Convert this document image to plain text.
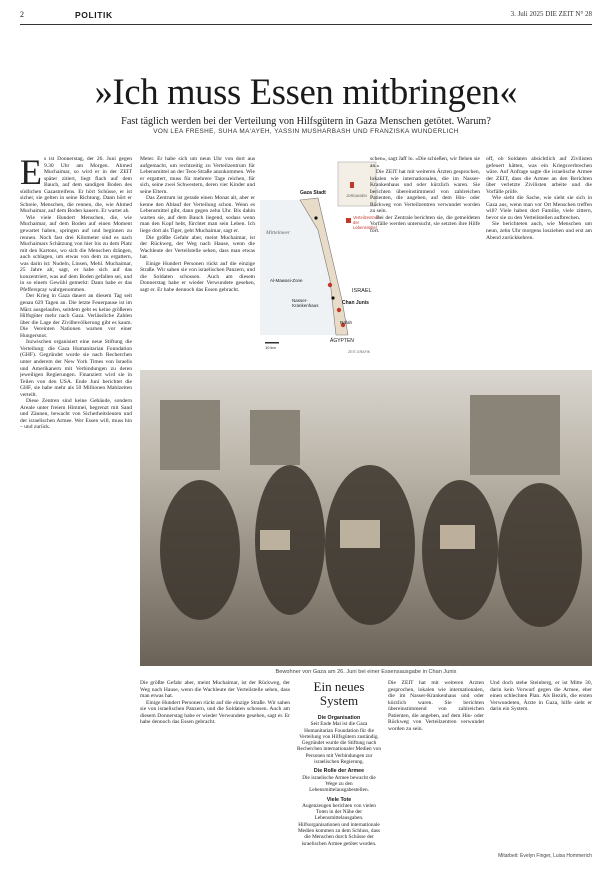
2	POLITIK	3. Juli 2025 DIE ZEIT N° 28
»Ich muss Essen mitbringen«
Fast täglich werden bei der Verteilung von Hilfsgütern in Gaza Menschen getötet. Warum?
VON LEA FRESHE, SUHA MA'AYEH, YASSIN MUSHARBASH UND FRANZISKA WUNDERLICH
E s ist Donnerstag, der 26. Juni gegen 9.30 Uhr am Morgen. Ahmed Muchaimar, so wird er in der ZEIT später zitiert, liegt flach auf dem Bauch, auf dem sandigen Boden des südlichen Gazastreifens. Er hört Schüsse, er ist sicher, sie gelten in seine Richtung. Dann hört er Schreie, Menschen, die rennen, die, wie Ahmed Muchaimar, auf dem Boden kauern. Er wartet ab.

Wie viele Hundert Menschen, die, wie Muchaimar, auf dem Boden auf einen Moment gewartet haben, springen auf und beginnen zu rennen. Noch fast drei Kilometer sind es nach Muchaimars Schätzung von hier bis zu dem Platz mit den Kartons, wo sich die Menschen drängen, auch schlagen, um etwas von dem zu ergattern, was darin ist: Nudeln, Linsen, Mehl. Muchaimar, 25 Jahre alt, sagt, er habe sich auf das konzentriert, was auf dem Boden gefallen sei, und in so einem Gewühl gemerkt: Dann habe er das Pfefferspray wahrgenommen.

Der Krieg in Gaza dauert an diesem Tag seit genau 629 Tagen an. Die letzte Feuerpause ist im März ausgelaufen, seitdem geht es keine größeren Hilfsgüter mehr nach Gaza. Verlässliche Zahlen über die Lage der Zivilbevölkerung gibt es kaum. Die Vereinten Nationen warnen vor einer Hungersnot.

Inzwischen organisiert eine neue Stiftung die Verteilung: die Gaza Humanitarian Foundation (GHF). Gegründet wurde sie nach Recherchen unter anderem der New York Times von Israelis und Amerikanern mit Verbindungen zu deren jeweiligen Regierungen. Finanziert wird sie in Teilen von den USA. Ende Juni berichtet die GHF, sie habe mehr als 50 Millionen Mahlzeiten verteilt.

Diese Zentren sind keine Gebäude, sondern Areale unter freiem Himmel, begrenzt mit Sand und Zäunen, bewacht von Sicherheitsleuten und der israelischen Armee. Wer Essen will, muss hin – und zurück.

Meter. Er habe sich um neun Uhr von dort aus aufgemacht, um rechtzeitig zu Verteilzentrum für Lebensmittel an der Teos-Straße anzukommen. Wie er ergattert, muss für mehrere Tage reichen, für sich, seine zwei Schwestern, deren vier Kinder und seine Eltern.

Das Zentrum ist gerade einen Monat alt, aber er kenne den Ablauf der Verteilung schon. Wenn es Lebensmittel gibt, dann gegen zehn Uhr. Bis dahin warten sie, auf dem Bauch liegend, sodass wenn man den Kopf hebt, fürchtet man sein Leben. Ich liege dort als Tiger, geht Muchaimar, sagt er.

Die größte Gefahr aber, meint Muchaimar, ist der Rückweg, der Weg nach Hause, wenn die Wachleute der Verteilstelle sehen, dass man etwas hat.

Einige Hundert Personen rückt auf die einzige Straße. Wir sahen sie von israelischen Panzern, und die Soldaten schossen. Auch am diesem Donnerstag habe er wieder Verwundete gesehen, sagt er. Er habe dennoch das Essen gebracht.

Gaza Stadt
Mittelmeer
JORDANIEN
Verteilzentrum der Lebensmittel
Al-Mawasi-Zone
Nasser-Krankenhaus	Chan Junis
ISRAEL
Rafah
ÄGYPTEN
10 km
ZEIT-GRAFIK

schen«, sagt Jaff lo. »Die schießen, wir flehen sie an.«

Die ZEIT hat mit weiteren Ärzten gesprochen, lokalen wie internationalen, die im Nasser-Krankenhaus und oder kürzlich waren. Sie berichten übereinstimmend von zahlreichen Patienten, die angeben, auf dem Hin- oder Rückweg von Verteilzentren verwundet worden zu sein.

Bei der Zentrale berichten sie, die gemeldeten Vorfälle werden untersucht, sie setzten ihre Hilfe fort.

off, ob Soldaten absichtlich auf Zivilisten gefeuert hätten, was ein Kriegsverbrechen wäre. Auf Anfrage sagte die israelische Armee der ZEIT, dass die Armee an den Berichten über verletzte Zivilisten arbeite und die Vorfälle prüfe.

Wie sieht die Sache, wie sieht sie sich in Gaza aus, wenn man vor Ort Menschen treffen will? Viele haben dort Familie, viele zittern, bevor sie zu den Verteilstellen aufbrechen.

Sie berichteten auch, wie Menschen um neun, zehn Uhr morgens losziehen und erst am Abend zurückkehren.

Bewohner von Gaza am 26. Juni bei einer Essensausgabe in Chan Junis
Ein neues System
Die Organisation
Seit Ende Mai ist die Gaza Humanitarian Foundation für die Verteilung von Hilfsgütern zuständig. Gegründet wurde die Stiftung nach Recherchen internationaler Medien von Personen mit Verbindungen zur israelischen Regierung.
Die Rolle der Armee
Die israelische Armee bewacht die Wege zu den Lebensmittelausgabestellen.
Viele Tote
Augenzeugen berichten von vielen Toten in der Nähe der Lebensmittelausgaben. Hilfsorganisationen und internationale Medien kommen zu dem Schluss, dass die Menschen durch Schüsse der israelischen Armee getötet wurden.

Die größte Gefahr aber, meint Muchaimar, ist der Rückweg, der Weg nach Hause, wenn die Wachleute der Verteilstelle sehen, dass man etwas hat.

Einige Hundert Personen rückt auf die einzige Straße. Wir sahen sie von israelischen Panzern, und die Soldaten schossen. Auch am diesem Donnerstag habe er wieder Verwundete gesehen, sagt er. Er habe dennoch das Essen gebracht.

Die ZEIT hat mit weiteren Ärzten gesprochen, lokalen wie internationalen, die im Nasser-Krankenhaus und oder kürzlich waren. Sie berichten übereinstimmend von zahlreichen Patienten, die angeben, auf dem Hin- oder Rückweg von Verteilzentren verwundet worden zu sein.

Und doch stehe Steinberg, er ist Mitte 30, darin kein Vorwurf gegen die Armee, eher einen schlechten Plan. Als Bezirk, die ersten Verwundeten, Ärzte in Gaza, hilfe sieht er darin ein System.

Mitarbeit: Evelyn Finger, Luisa Hommerich
